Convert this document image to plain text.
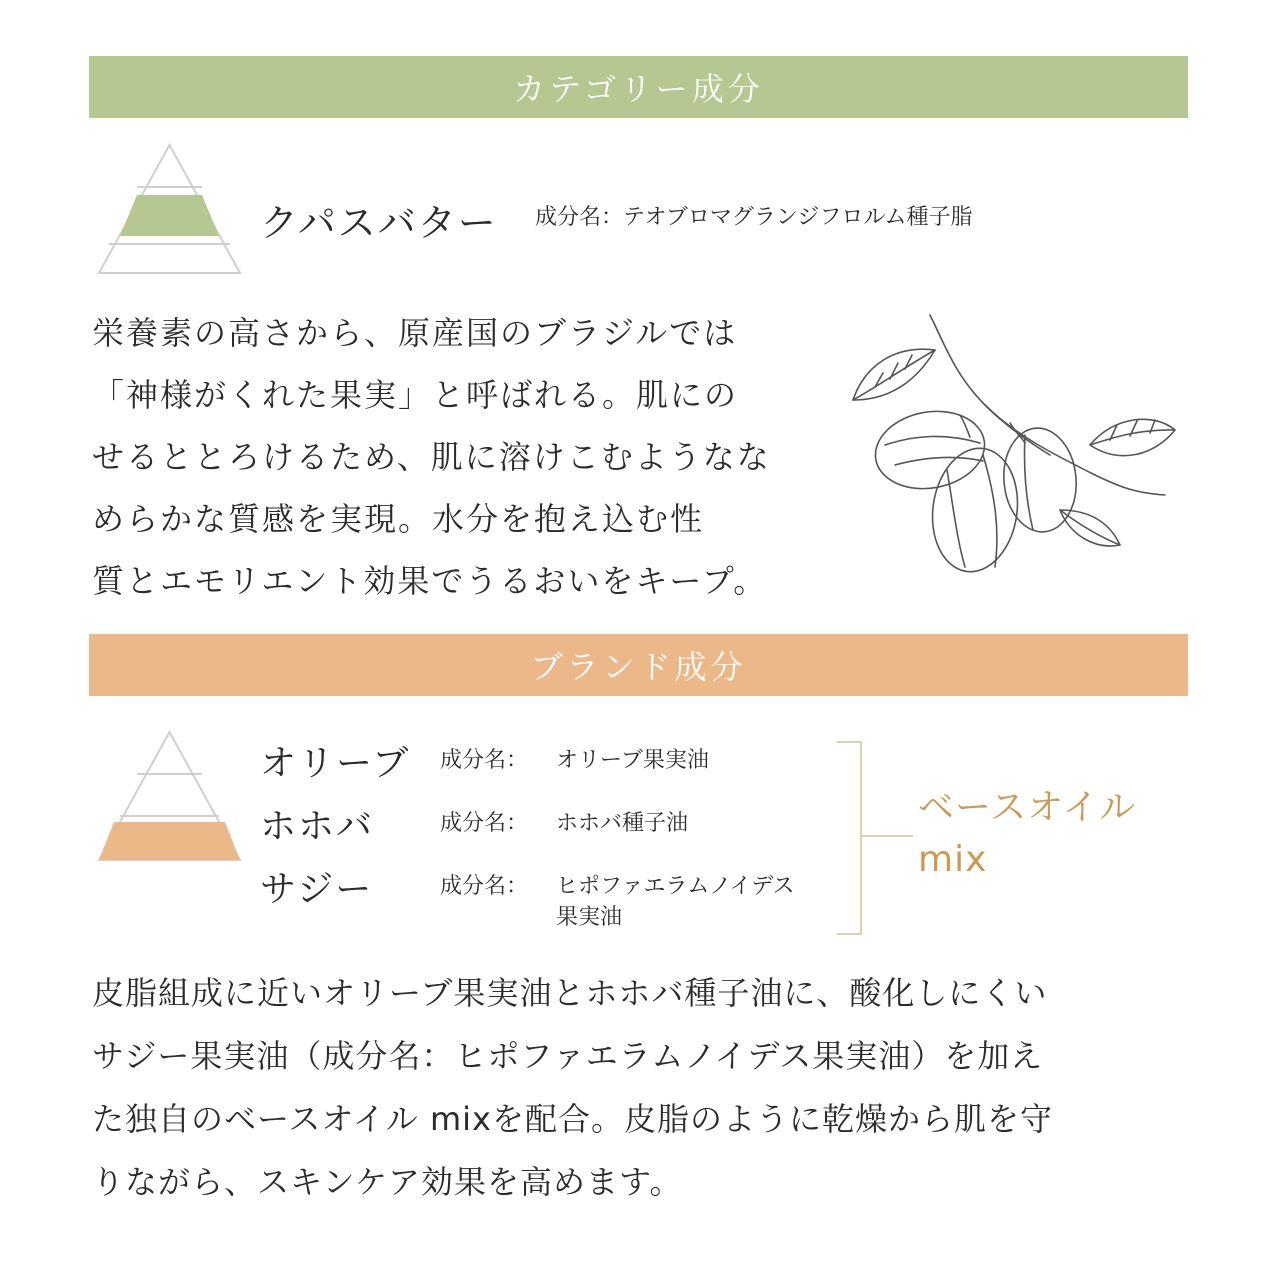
カテゴリー成分
クパスバター 成分名：テオブロマグランジフロルム種子脂
栄養素の高さから、原産国のブラジルでは
「神様がくれた果実」と呼ばれる。肌にの
せるととろけるため、肌に溶けこむようなな
めらかな質感を実現。水分を抱え込む性
質とエモリエント効果でうるおいをキープ。
ブランド成分
オリーブ 成分名： オリーブ果実油
ホホバ	成分名： ホホバ種子油
サジー	成分名： ヒポファエラムノイデス
果実油
ベースオイル
mix
皮脂組成に近いオリーブ果実油とホホバ種子油に、酸化しにくい
サジー果実油（成分名：ヒポファエラムノイデス果実油）を加え
た独自のベースオイル mixを配合。皮脂のように乾燥から肌を守
りながら、スキンケア効果を高めます。
